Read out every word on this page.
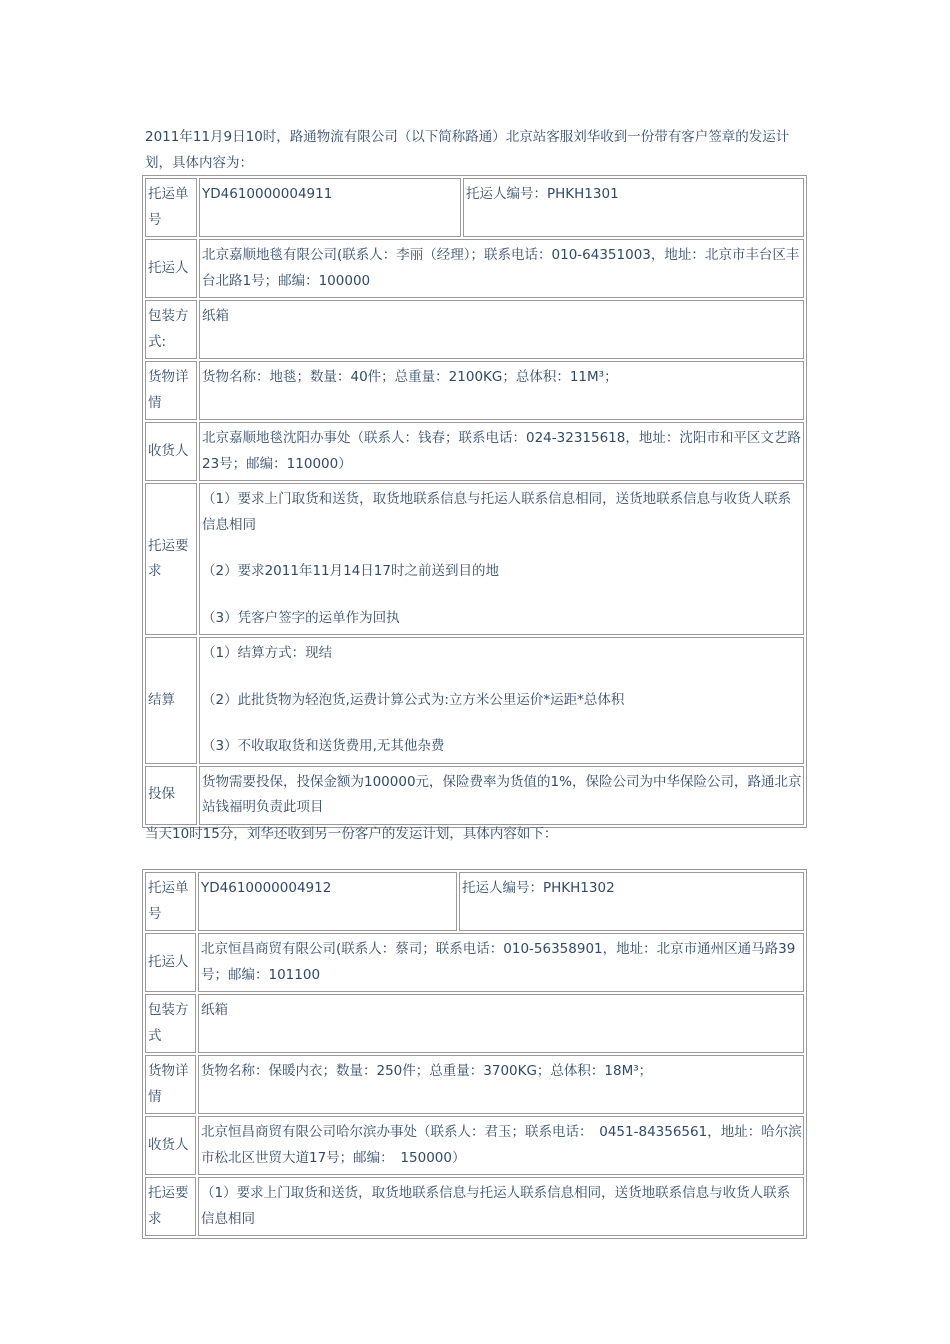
2011年11月9日10时，路通物流有限公司（以下简称路通）北京站客服刘华收到一份带有客户签章的发运计划，具体内容为：
托运单号	YD4610000004911	托运人编号：PHKH1301
托运人	北京嘉顺地毯有限公司(联系人：李丽（经理）；联系电话：010-64351003，地址：北京市丰台区丰台北路1号；邮编：100000	
包装方式:	纸箱	
货物详情	货物名称：地毯；数量：40件；总重量：2100KG；总体积：11M³；	
收货人	北京嘉顺地毯沈阳办事处（联系人：钱春；联系电话：024-32315618，地址：沈阳市和平区文艺路23号；邮编：110000）	
托运要求	（1）要求上门取货和送货，取货地联系信息与托运人联系信息相同，送货地联系信息与收货人联系信息相同

（2）要求2011年11月14日17时之前送到目的地

（3）凭客户签字的运单作为回执	

结算	（1）结算方式：现结

（2）此批货物为轻泡货,运费计算公式为:立方米公里运价*运距*总体积

（3）不收取取货和送货费用,无其他杂费	

投保	货物需要投保，投保金额为100000元，保险费率为货值的1%，保险公司为中华保险公司，路通北京站钱福明负责此项目	
当天10时15分，刘华还收到另一份客户的发运计划，具体内容如下：
托运单号	YD4610000004912	托运人编号：PHKH1302
托运人	北京恒昌商贸有限公司(联系人：蔡司；联系电话：010-56358901，地址：北京市通州区通马路39号；邮编：101100	
包装方式	纸箱	
货物详情	货物名称：保暖内衣；数量：250件；总重量：3700KG；总体积：18M³；	
收货人	北京恒昌商贸有限公司哈尔滨办事处（联系人：君玉；联系电话：　0451-84356561，地址：哈尔滨市松北区世贸大道17号；邮编：　150000）	
托运要求	（1）要求上门取货和送货，取货地联系信息与托运人联系信息相同，送货地联系信息与收货人联系信息相同	
